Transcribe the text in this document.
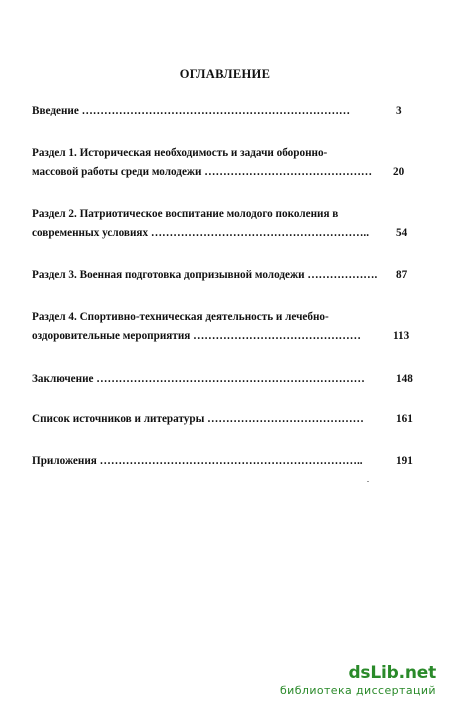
ОГЛАВЛЕНИЕ
Введение ………………………………………………………………	3
Раздел 1. Историческая необходимость и задачи оборонно-
массовой работы среди молодежи ……………………………………… 20
Раздел 2. Патриотическое воспитание молодого поколения в
современных условиях ………………………………………………….. 54
Раздел 3. Военная подготовка допризывной молодежи ………………. 87
Раздел 4. Спортивно-техническая деятельность и лечебно-
оздоровительные мероприятия ………………………………………	113
Заключение ………………………………………………………………	148
Список источников и литературы ……………………………………	161
Приложения ……………………………………………………………..	191
dsLib.net
библиотека диссертаций
